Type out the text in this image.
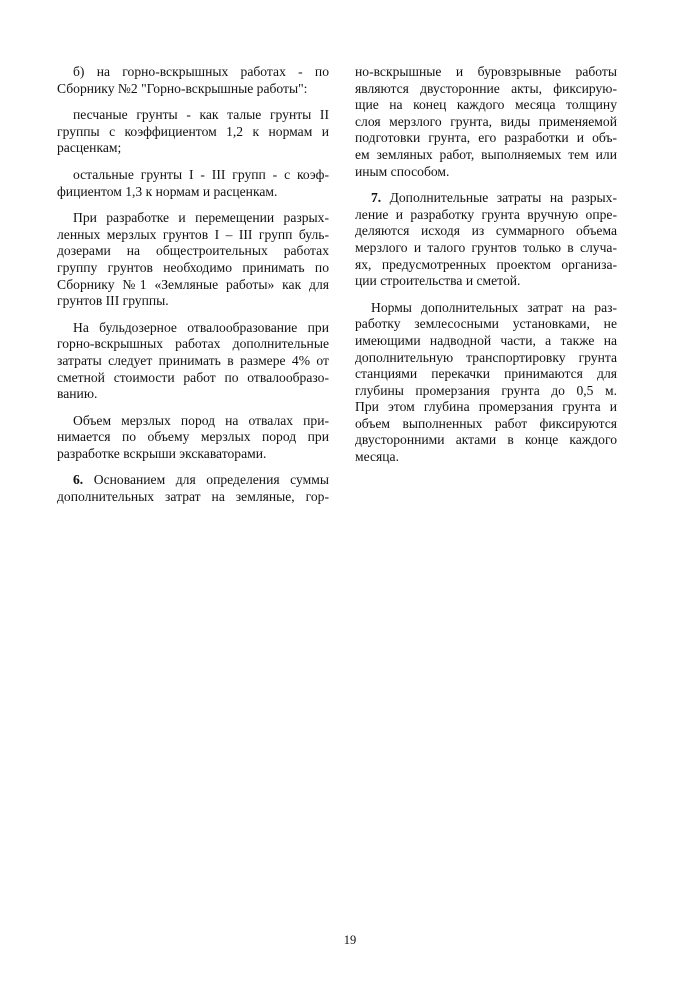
б) на горно-вскрышных работах - по
Сборнику №2 "Горно-вскрышные работы":
песчаные грунты - как талые грунты II
группы с коэффициентом 1,2 к нормам и
расценкам;
остальные грунты I - III групп - с коэф-
фициентом 1,3 к нормам и расценкам.
При разработке и перемещении разрых-
ленных мерзлых грунтов I – III групп буль-
дозерами на общестроительных работах
группу грунтов необходимо принимать по
Сборнику №1 «Земляные работы» как для
грунтов III группы.
На бульдозерное отвалообразование при
горно-вскрышных работах дополнительные
затраты следует принимать в размере 4% от
сметной стоимости работ по отвалообразо-
ванию.
Объем мерзлых пород на отвалах при-
нимается по объему мерзлых пород при
разработке вскрыши экскаваторами.
6. Основанием для определения суммы
дополнительных затрат на земляные, гор-
но-вскрышные и буровзрывные работы
являются двусторонние акты, фиксирую-
щие на конец каждого месяца толщину
слоя мерзлого грунта, виды применяемой
подготовки грунта, его разработки и объ-
ем земляных работ, выполняемых тем или
иным способом.
7. Дополнительные затраты на разрых-
ление и разработку грунта вручную опре-
деляются исходя из суммарного объема
мерзлого и талого грунтов только в случа-
ях, предусмотренных проектом организа-
ции строительства и сметой.
Нормы дополнительных затрат на раз-
работку землесосными установками, не
имеющими надводной части, а также на
дополнительную транспортировку грунта
станциями перекачки принимаются для
глубины промерзания грунта до 0,5 м.
При этом глубина промерзания грунта и
объем выполненных работ фиксируются
двусторонними актами в конце каждого
месяца.
19
